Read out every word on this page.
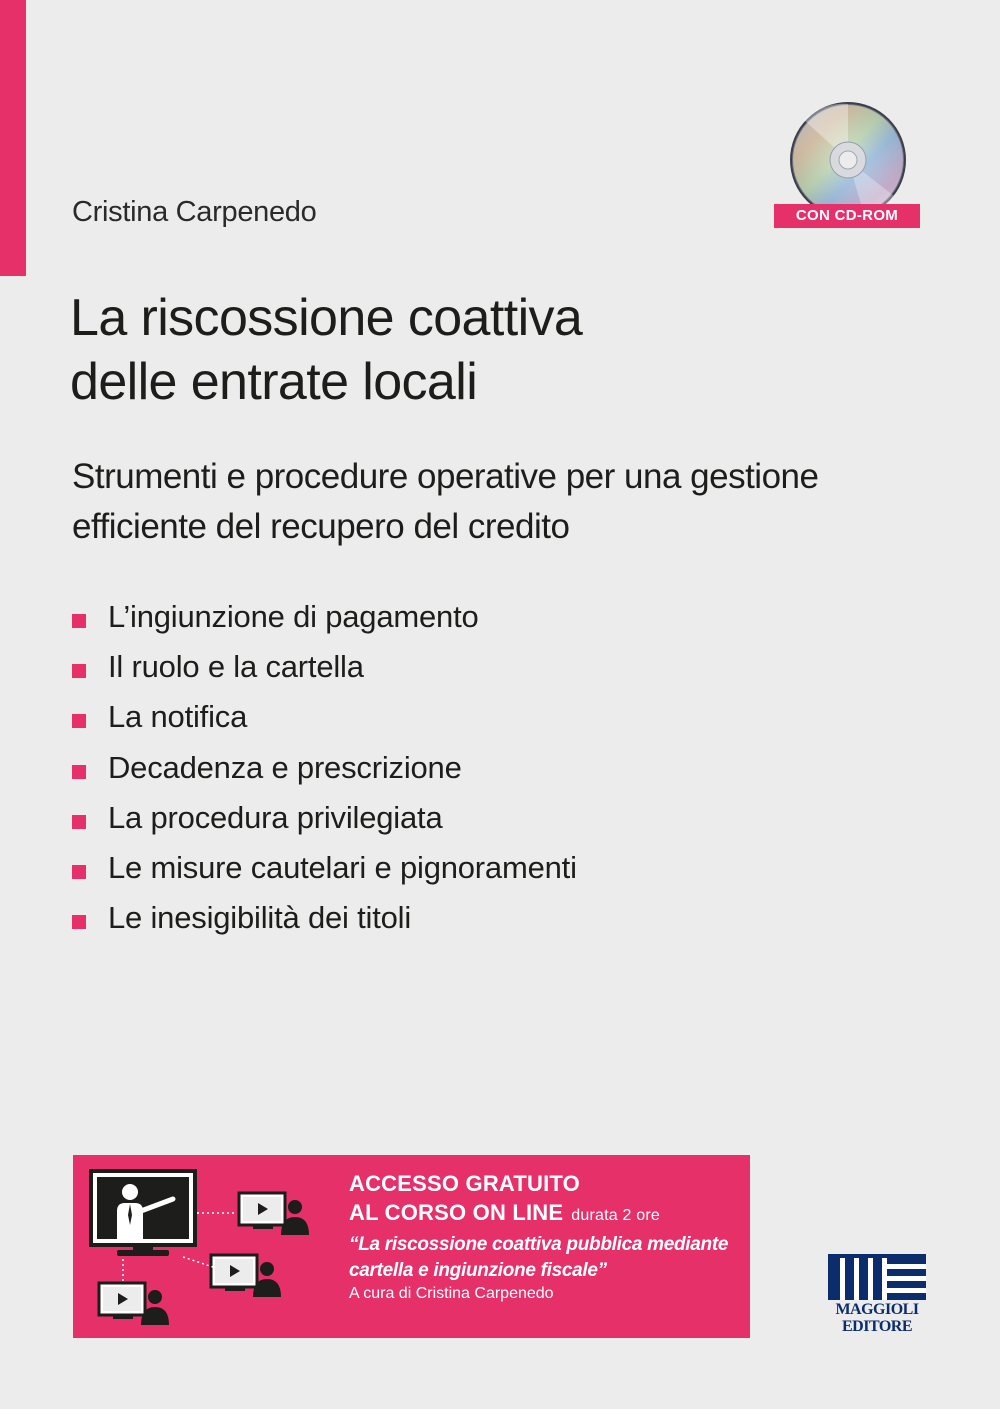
Cristina Carpenedo
La riscossione coattiva
delle entrate locali
Strumenti e procedure operative per una gestione
efficiente del recupero del credito
L’ingiunzione di pagamento
Il ruolo e la cartella
La notifica
Decadenza e prescrizione
La procedura privilegiata
Le misure cautelari e pignoramenti
Le inesigibilità dei titoli
CON CD-ROM
ACCESSO GRATUITO
AL CORSO ON LINE durata 2 ore
“La riscossione coattiva pubblica mediante
cartella e ingiunzione fiscale”
A cura di Cristina Carpenedo
MAGGIOLI
EDITORE
